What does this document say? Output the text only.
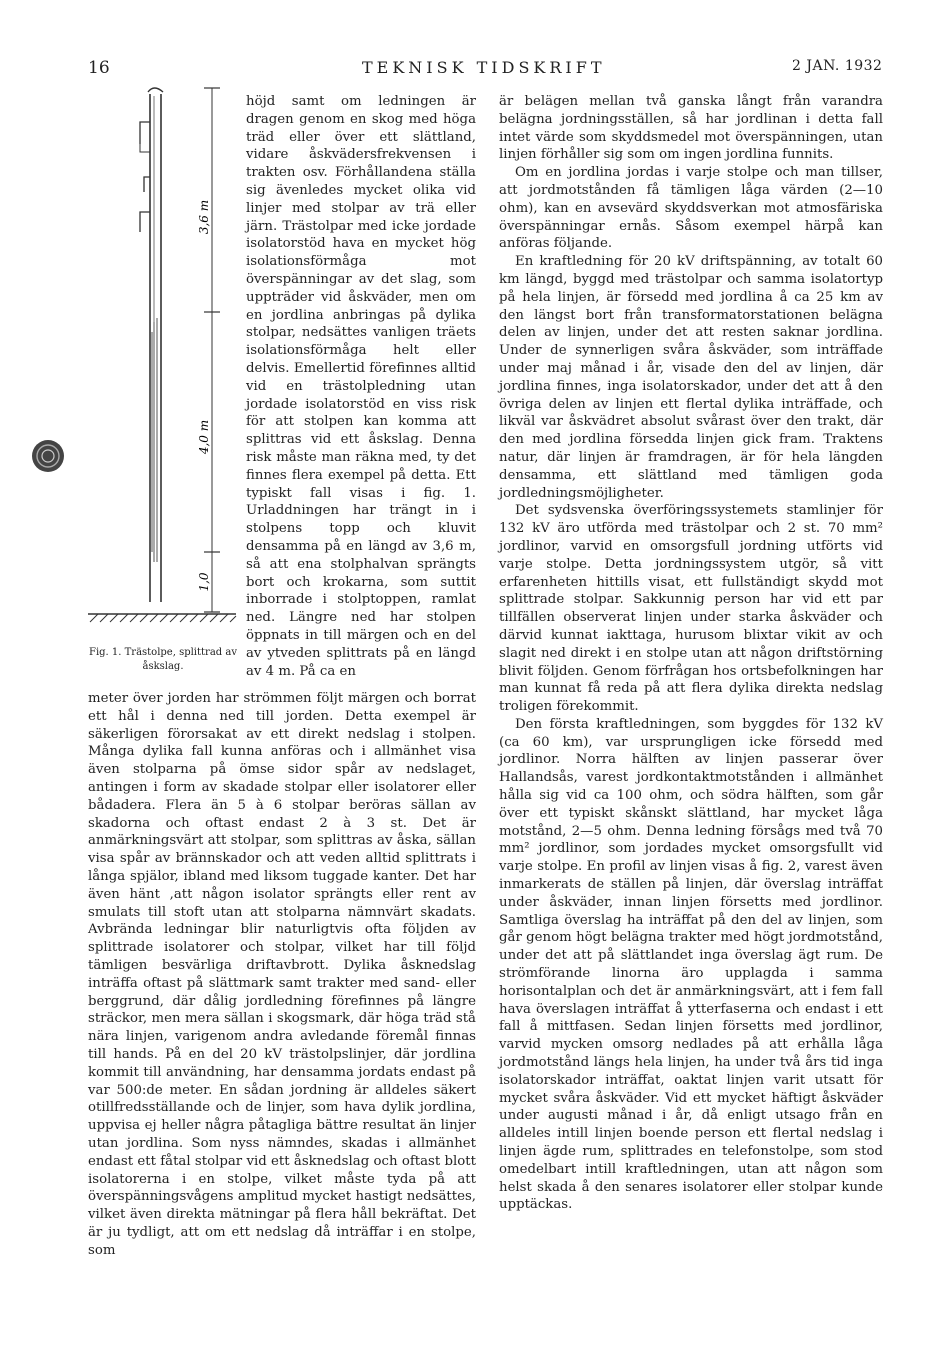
16	TEKNISK TIDSKRIFT	2 JAN. 1932
3,6 m
4,0 m
1,0
Fig. 1. Trästolpe, splittrad av åskslag.

höjd samt om ledningen är dragen genom en skog med höga träd eller över ett slättland, vidare åskvädersfrekvensen i trakten osv. Förhållandena ställa sig ävenledes mycket olika vid linjer med stolpar av trä eller järn. Trästolpar med icke jordade isolatorstöd hava en mycket hög isolationsförmåga mot överspänningar av det slag, som uppträder vid åskväder, men om en jordlina anbringas på dylika stolpar, nedsättes vanligen träets isolationsförmåga helt eller delvis. Emellertid förefinnes alltid vid en trästolpledning utan jordade isolatorstöd en viss risk för att stolpen kan komma att splittras vid ett åskslag. Denna risk måste man räkna med, ty det finnes flera exempel på detta. Ett typiskt fall visas i fig. 1. Urladdningen har trängt in i stolpens topp och kluvit densamma på en längd av 3,6 m, så att ena stolphalvan sprängts bort och krokarna, som suttit inborrade i stolptoppen, ramlat ned. Längre ned har stolpen öppnats in till märgen och en del av ytveden splittrats på en längd av 4 m. På ca en

meter över jorden har strömmen följt märgen och borrat ett hål i denna ned till jorden. Detta exempel är säkerligen förorsakat av ett direkt nedslag i stolpen. Många dylika fall kunna anföras och i allmänhet visa även stolparna på ömse sidor spår av nedslaget, antingen i form av skadade stolpar eller isolatorer eller bådadera. Flera än 5 à 6 stolpar beröras sällan av skadorna och oftast endast 2 à 3 st. Det är anmärkningsvärt att stolpar, som splittras av åska, sällan visa spår av brännskador och att veden alltid splittrats i långa spjälor, ibland med liksom tuggade kanter. Det har även hänt ,att någon isolator sprängts eller rent av smulats till stoft utan att stolparna nämnvärt skadats. Avbrända ledningar blir naturligtvis ofta följden av splittrade isolatorer och stolpar, vilket har till följd tämligen besvärliga driftavbrott. Dylika åsknedslag inträffa oftast på slättmark samt trakter med sand- eller berggrund, där dålig jordledning förefinnes på längre sträckor, men mera sällan i skogsmark, där höga träd stå nära linjen, varigenom andra avledande föremål finnas till hands. På en del 20 kV trästolpslinjer, där jordlina kommit till användning, har densamma jordats endast på var 500:de meter. En sådan jordning är alldeles säkert otillfredsställande och de linjer, som hava dylik jordlina, uppvisa ej heller några påtagliga bättre resultat än linjer utan jordlina. Som nyss nämndes, skadas i allmänhet endast ett fåtal stolpar vid ett åsknedslag och oftast blott isolatorerna i en stolpe, vilket måste tyda på att överspänningsvågens amplitud mycket hastigt nedsättes, vilket även direkta mätningar på flera håll bekräftat. Det är ju tydligt, att om ett nedslag då inträffar i en stolpe, som

är belägen mellan två ganska långt från varandra belägna jordningsställen, så har jordlinan i detta fall intet värde som skyddsmedel mot överspänningen, utan linjen förhåller sig som om ingen jordlina funnits.

Om en jordlina jordas i varje stolpe och man tillser, att jordmotstånden få tämligen låga värden (2—10 ohm), kan en avsevärd skyddsverkan mot atmosfäriska överspänningar ernås. Såsom exempel härpå kan anföras följande.

En kraftledning för 20 kV driftspänning, av totalt 60 km längd, byggd med trästolpar och samma isolatortyp på hela linjen, är försedd med jordlina å ca 25 km av den längst bort från transformatorstationen belägna delen av linjen, under det att resten saknar jordlina. Under de synnerligen svåra åskväder, som inträffade under maj månad i år, visade den del av linjen, där jordlina finnes, inga isolatorskador, under det att å den övriga delen av linjen ett flertal dylika inträffade, och likväl var åskvädret absolut svårast över den trakt, där den med jordlina försedda linjen gick fram. Traktens natur, där linjen är framdragen, är för hela längden densamma, ett slättland med tämligen goda jordledningsmöjligheter.

Det sydsvenska överföringssystemets stamlinjer för 132 kV äro utförda med trästolpar och 2 st. 70 mm² jordlinor, varvid en omsorgsfull jordning utförts vid varje stolpe. Detta jordningssystem utgör, så vitt erfarenheten hittills visat, ett fullständigt skydd mot splittrade stolpar. Sakkunnig person har vid ett par tillfällen observerat linjen under starka åskväder och därvid kunnat iakttaga, hurusom blixtar vikit av och slagit ned direkt i en stolpe utan att någon driftstörning blivit följden. Genom förfrågan hos ortsbefolkningen har man kunnat få reda på att flera dylika direkta nedslag troligen förekommit.

Den första kraftledningen, som byggdes för 132 kV (ca 60 km), var ursprungligen icke försedd med jordlinor. Norra hälften av linjen passerar över Hallandsås, varest jordkontaktmotstånden i allmänhet hålla sig vid ca 100 ohm, och södra hälften, som går över ett typiskt skånskt slättland, har mycket låga motstånd, 2—5 ohm. Denna ledning försågs med två 70 mm² jordlinor, som jordades mycket omsorgsfullt vid varje stolpe. En profil av linjen visas å fig. 2, varest även inmarkerats de ställen på linjen, där överslag inträffat under åskväder, innan linjen försetts med jordlinor. Samtliga överslag ha inträffat på den del av linjen, som går genom högt belägna trakter med högt jordmotstånd, under det att på slättlandet inga överslag ägt rum. De strömförande linorna äro upplagda i samma horisontalplan och det är anmärkningsvärt, att i fem fall hava överslagen inträffat å ytterfaserna och endast i ett fall å mittfasen. Sedan linjen försetts med jordlinor, varvid mycken omsorg nedlades på att erhålla låga jordmotstånd längs hela linjen, ha under två års tid inga isolatorskador inträffat, oaktat linjen varit utsatt för mycket svåra åskväder. Vid ett mycket häftigt åskväder under augusti månad i år, då enligt utsago från en alldeles intill linjen boende person ett flertal nedslag i linjen ägde rum, splittrades en telefonstolpe, som stod omedelbart intill kraftledningen, utan att någon som helst skada å den senares isolatorer eller stolpar kunde upptäckas.
